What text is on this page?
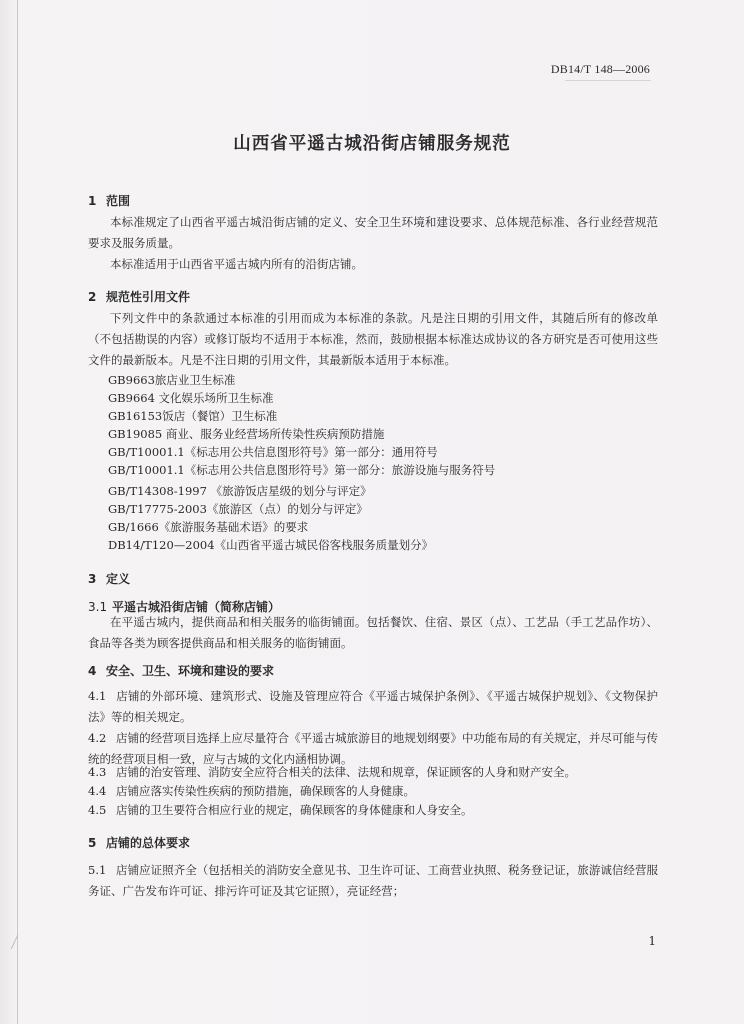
DB14/T 148—2006
山西省平遥古城沿街店铺服务规范
1 范围
本标准规定了山西省平遥古城沿街店铺的定义、安全卫生环境和建设要求、总体规范标准、各行业经营规范要求及服务质量。
本标准适用于山西省平遥古城内所有的沿街店铺。
2 规范性引用文件
下列文件中的条款通过本标准的引用而成为本标准的条款。凡是注日期的引用文件，其随后所有的修改单（不包括勘误的内容）或修订版均不适用于本标准，然而，鼓励根据本标准达成协议的各方研究是否可使用这些文件的最新版本。凡是不注日期的引用文件，其最新版本适用于本标准。
GB9663旅店业卫生标准
GB9664 文化娱乐场所卫生标准
GB16153饭店（餐馆）卫生标准
GB19085 商业、服务业经营场所传染性疾病预防措施
GB/T10001.1《标志用公共信息图形符号》第一部分：通用符号
GB/T10001.1《标志用公共信息图形符号》第一部分：旅游设施与服务符号
GB/T14308-1997 《旅游饭店星级的划分与评定》
GB/T17775-2003《旅游区（点）的划分与评定》
GB/1666《旅游服务基础术语》的要求
DB14/T120—2004《山西省平遥古城民俗客栈服务质量划分》
3 定义
3.1 平遥古城沿街店铺（简称店铺）
在平遥古城内，提供商品和相关服务的临街铺面。包括餐饮、住宿、景区（点）、工艺品（手工艺品作坊）、食品等各类为顾客提供商品和相关服务的临街铺面。
4 安全、卫生、环境和建设的要求
4.1 店铺的外部环境、建筑形式、设施及管理应符合《平遥古城保护条例》、《平遥古城保护规划》、《文物保护法》等的相关规定。
4.2 店铺的经营项目选择上应尽量符合《平遥古城旅游目的地规划纲要》中功能布局的有关规定，并尽可能与传统的经营项目相一致，应与古城的文化内涵相协调。
4.3 店铺的治安管理、消防安全应符合相关的法律、法规和规章，保证顾客的人身和财产安全。
4.4 店铺应落实传染性疾病的预防措施，确保顾客的人身健康。
4.5 店铺的卫生要符合相应行业的规定，确保顾客的身体健康和人身安全。
5 店铺的总体要求
5.1 店铺应证照齐全（包括相关的消防安全意见书、卫生许可证、工商营业执照、税务登记证，旅游诚信经营服务证、广告发布许可证、排污许可证及其它证照），亮证经营；
1
